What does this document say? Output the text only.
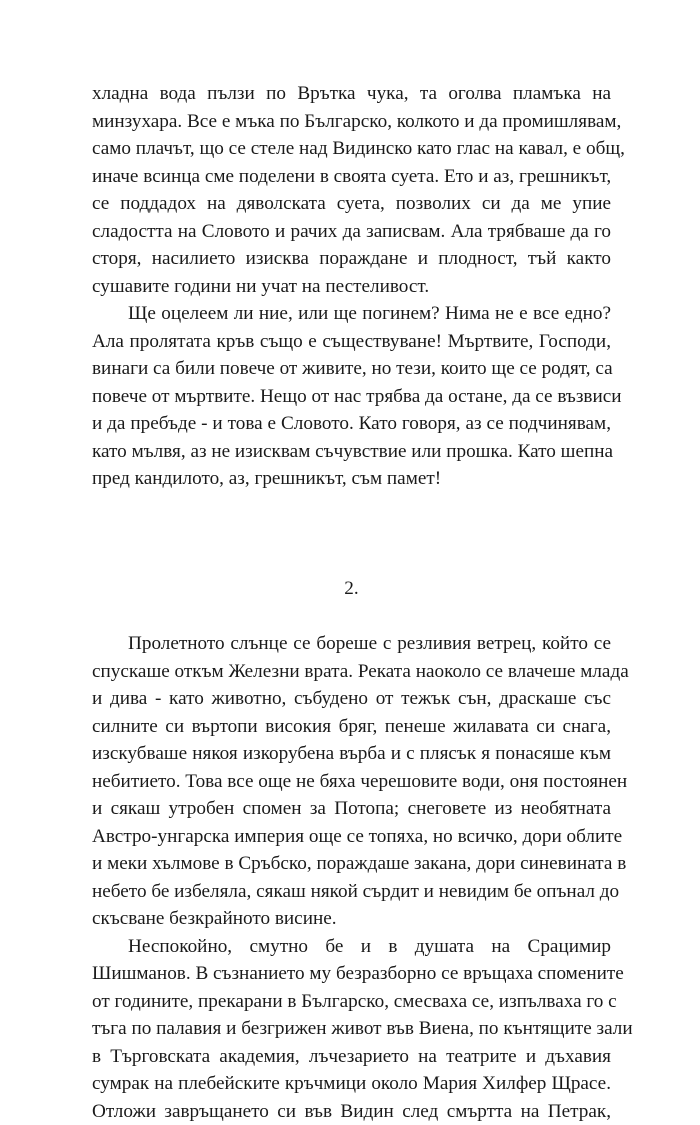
хладна вода пълзи по Врътка чука, та оголва пламъка на
минзухара. Все е мъка по Българско, колкото и да промишлявам,
само плачът, що се стеле над Видинско като глас на кавал, е общ,
иначе всинца сме поделени в своята суета. Ето и аз, грешникът,
се поддадох на дяволската суета, позволих си да ме упие
сладостта на Словото и рачих да записвам. Ала трябваше да го
сторя, насилието изисква пораждане и плодност, тъй както
сушавите години ни учат на пестеливост.
Ще оцелеем ли ние, или ще погинем? Нима не е все едно?
Ала пролятата кръв също е съществуване! Мъртвите, Господи,
винаги са били повече от живите, но тези, които ще се родят, са
повече от мъртвите. Нещо от нас трябва да остане, да се възвиси
и да пребъде - и това е Словото. Като говоря, аз се подчинявам,
като мълвя, аз не изисквам съчувствие или прошка. Като шепна
пред кандилото, аз, грешникът, съм памет!
2.
Пролетното слънце се бореше с резливия ветрец, който се
спускаше откъм Железни врата. Реката наоколо се влачеше млада
и дива - като животно, събудено от тежък сън, драскаше със
силните си въртопи високия бряг, пенеше жилавата си снага,
изскубваше някоя изкорубена върба и с плясък я понасяше към
небитието. Това все още не бяха черешовите води, оня постоянен
и сякаш утробен спомен за Потопа; снеговете из необятната
Австро-унгарска империя още се топяха, но всичко, дори облите
и меки хълмове в Сръбско, пораждаше закана, дори синевината в
небето бе избеляла, сякаш някой сърдит и невидим бе опънал до
скъсване безкрайното висине.
Неспокойно, смутно бе и в душата на Срацимир
Шишманов. В съзнанието му безразборно се връщаха спомените
от годините, прекарани в Българско, смесваха се, изпълваха го с
тъга по палавия и безгрижен живот във Виена, по кънтящите зали
в Търговската академия, лъчезарието на театрите и дъхавия
сумрак на плебейските кръчмици около Мария Хилфер Щрасе.
Отложи завръщането си във Видин след смъртта на Петрак,
